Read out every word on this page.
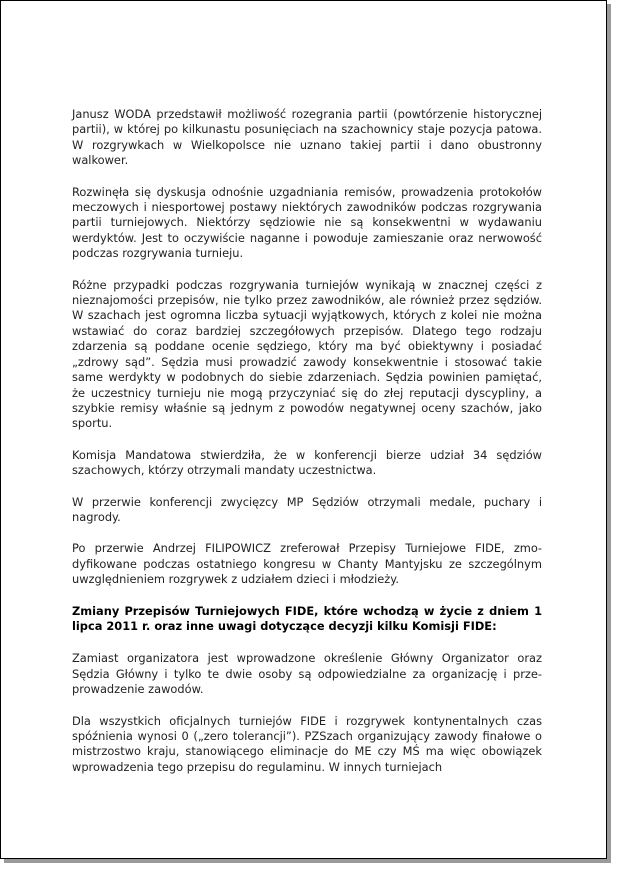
Janusz WODA przedstawił możliwość rozegrania partii (powtórzenie historycznej partii), w której po kilkunastu posunięciach na szachownicy staje pozycja patowa. W rozgrywkach w Wielkopolsce nie uznano takiej partii i dano obustronny walkower.

Rozwinęła się dyskusja odnośnie uzgadniania remisów, prowadzenia protokołów meczowych i niesportowej postawy niektórych zawodników podczas rozgrywania partii turniejowych. Niektórzy sędziowie nie są konsekwentni w wydawaniu werdyktów. Jest to oczywiście naganne i powoduje zamieszanie oraz nerwowość podczas rozgrywania turnieju.

Różne przypadki podczas rozgrywania turniejów wynikają w znacznej części z nieznajomości przepisów, nie tylko przez zawodników, ale również przez sędziów. W szachach jest ogromna liczba sytuacji wyjątkowych, których z kolei nie można wstawiać do coraz bardziej szczegółowych przepisów. Dlatego tego rodzaju zdarzenia są poddane ocenie sędziego, który ma być obiektywny i posiadać „zdrowy sąd”. Sędzia musi prowadzić zawody konsekwentnie i stosować takie same werdykty w podobnych do siebie zdarzeniach. Sędzia powinien pamiętać, że uczestnicy turnieju nie mogą przyczyniać się do złej reputacji dyscypliny, a szybkie remisy właśnie są jednym z powodów negatywnej oceny szachów, jako sportu.

Komisja Mandatowa stwierdziła, że w konferencji bierze udział 34 sędziów szachowych, którzy otrzymali mandaty uczestnictwa.

W przerwie konferencji zwycięzcy MP Sędziów otrzymali medale, puchary i nagrody.

Po przerwie Andrzej FILIPOWICZ zreferował Przepisy Turniejowe FIDE, zmodyfikowane podczas ostatniego kongresu w Chanty Mantyjsku ze szczególnym uwzględnieniem rozgrywek z udziałem dzieci i młodzieży.

Zmiany Przepisów Turniejowych FIDE, które wchodzą w życie z dniem 1 lipca 2011 r. oraz inne uwagi dotyczące decyzji kilku Komisji FIDE:

Zamiast organizatora jest wprowadzone określenie Główny Organizator oraz Sędzia Główny i tylko te dwie osoby są odpowiedzialne za organizację i przeprowadzenie zawodów.

Dla wszystkich oficjalnych turniejów FIDE i rozgrywek kontynentalnych czas spóźnienia wynosi 0 („zero tolerancji”). PZSzach organizujący zawody finałowe o mistrzostwo kraju, stanowiącego eliminacje do ME czy MŚ ma więc obowiązek wprowadzenia tego przepisu do regulaminu. W innych turniejach
